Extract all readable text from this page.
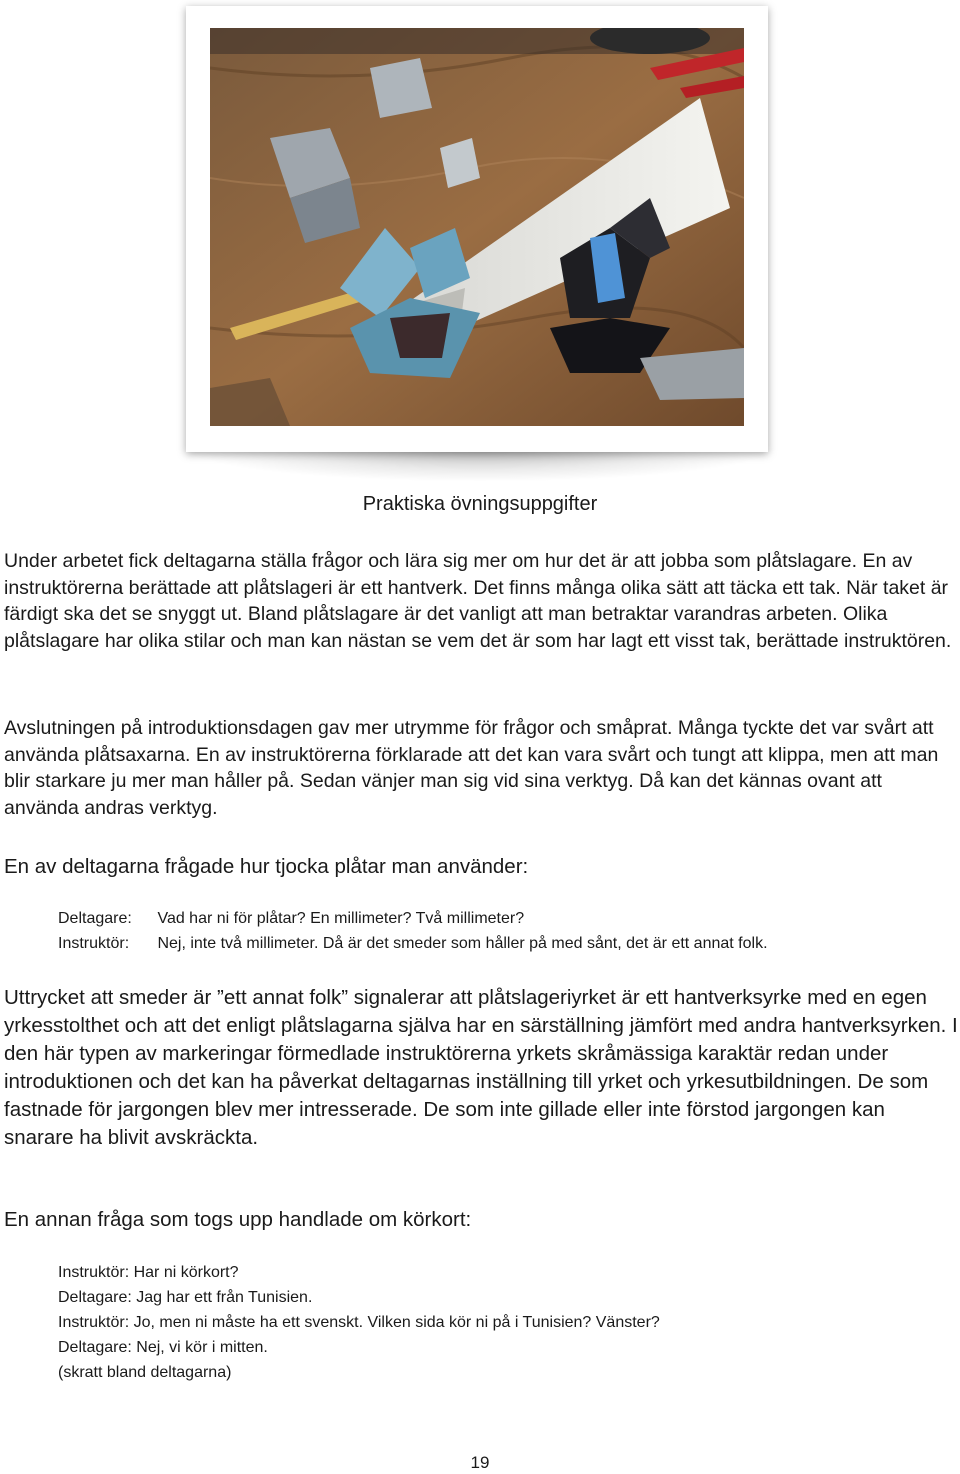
Praktiska övningsuppgifter

Under arbetet fick deltagarna ställa frågor och lära sig mer om hur det är att jobba som plåtslagare. En av instruktörerna berättade att plåtslageri är ett hantverk. Det finns många olika sätt att täcka ett tak. När taket är färdigt ska det se snyggt ut. Bland plåtslagare är det vanligt att man betraktar varandras arbeten. Olika plåtslagare har olika stilar och man kan nästan se vem det är som har lagt ett visst tak, berättade instruktören.

Avslutningen på introduktionsdagen gav mer utrymme för frågor och småprat. Många tyckte det var svårt att använda plåtsaxarna. En av instruktörerna förklarade att det kan vara svårt och tungt att klippa, men att man blir starkare ju mer man håller på. Sedan vänjer man sig vid sina verktyg. Då kan det kännas ovant att använda andras verktyg.

En av deltagarna frågade hur tjocka plåtar man använder:

Deltagare: Vad har ni för plåtar? En millimeter? Två millimeter?
Instruktör: Nej, inte två millimeter. Då är det smeder som håller på med sånt, det är ett annat folk.

Uttrycket att smeder är ”ett annat folk” signalerar att plåtslageriyrket är ett hantverksyrke med en egen yrkesstolthet och att det enligt plåtslagarna själva har en särställning jämfört med andra hantverksyrken. I den här typen av markeringar förmedlade instruktörerna yrkets skråmässiga karaktär redan under introduktionen och det kan ha påverkat deltagarnas inställning till yrket och yrkesutbildningen. De som fastnade för jargongen blev mer intresserade. De som inte gillade eller inte förstod jargongen kan snarare ha blivit avskräckta.

En annan fråga som togs upp handlade om körkort:

Instruktör: Har ni körkort?
Deltagare: Jag har ett från Tunisien.
Instruktör: Jo, men ni måste ha ett svenskt. Vilken sida kör ni på i Tunisien? Vänster?
Deltagare: Nej, vi kör i mitten.
(skratt bland deltagarna)
19
